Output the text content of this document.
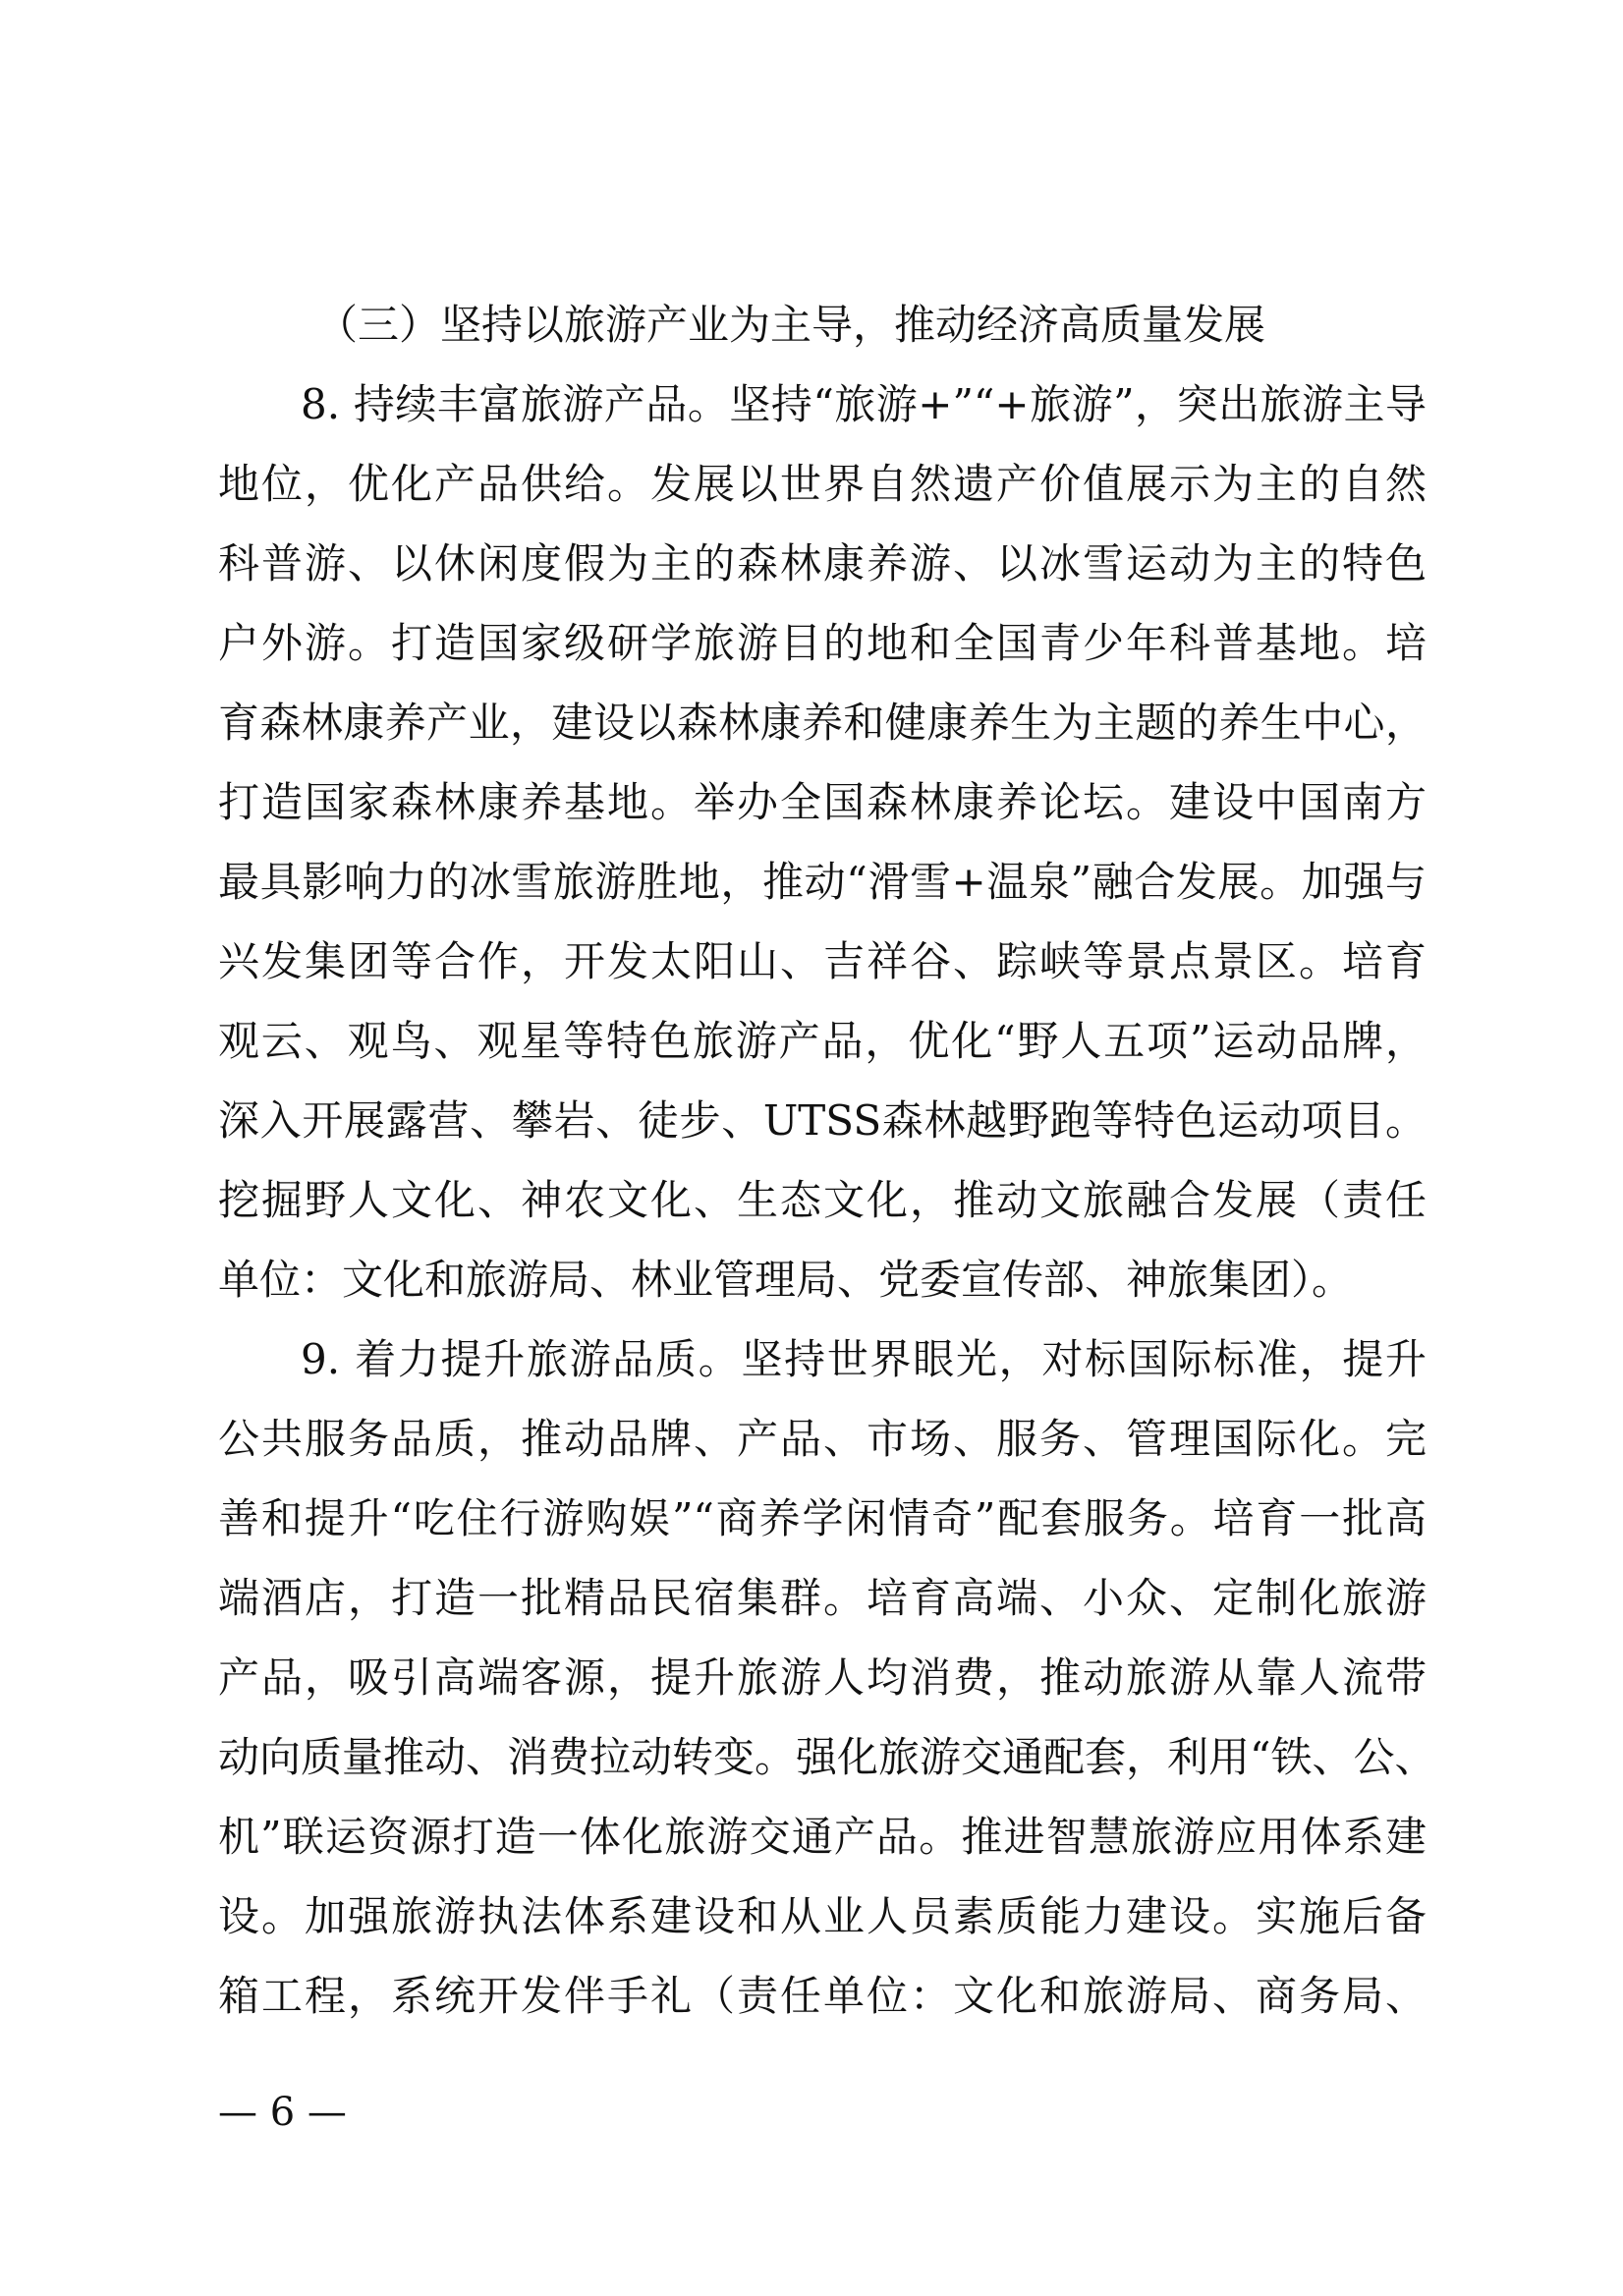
（三）坚持以旅游产业为主导，推动经济高质量发展
8. 持续丰富旅游产品。坚持“旅游+”“+旅游”，突出旅游主导
地位，优化产品供给。发展以世界自然遗产价值展示为主的自然
科普游、以休闲度假为主的森林康养游、以冰雪运动为主的特色
户外游。打造国家级研学旅游目的地和全国青少年科普基地。培
育森林康养产业，建设以森林康养和健康养生为主题的养生中心，
打造国家森林康养基地。举办全国森林康养论坛。建设中国南方
最具影响力的冰雪旅游胜地，推动“滑雪+温泉”融合发展。加强与
兴发集团等合作，开发太阳山、吉祥谷、踪峡等景点景区。培育
观云、观鸟、观星等特色旅游产品，优化“野人五项”运动品牌，
深入开展露营、攀岩、徒步、UTSS森林越野跑等特色运动项目。
挖掘野人文化、神农文化、生态文化，推动文旅融合发展（责任
单位：文化和旅游局、林业管理局、党委宣传部、神旅集团）。
9. 着力提升旅游品质。坚持世界眼光，对标国际标准，提升
公共服务品质，推动品牌、产品、市场、服务、管理国际化。完
善和提升“吃住行游购娱”“商养学闲情奇”配套服务。培育一批高
端酒店，打造一批精品民宿集群。培育高端、小众、定制化旅游
产品，吸引高端客源，提升旅游人均消费，推动旅游从靠人流带
动向质量推动、消费拉动转变。强化旅游交通配套，利用“铁、公、
机”联运资源打造一体化旅游交通产品。推进智慧旅游应用体系建
设。加强旅游执法体系建设和从业人员素质能力建设。实施后备
箱工程，系统开发伴手礼（责任单位：文化和旅游局、商务局、
— 6 —
